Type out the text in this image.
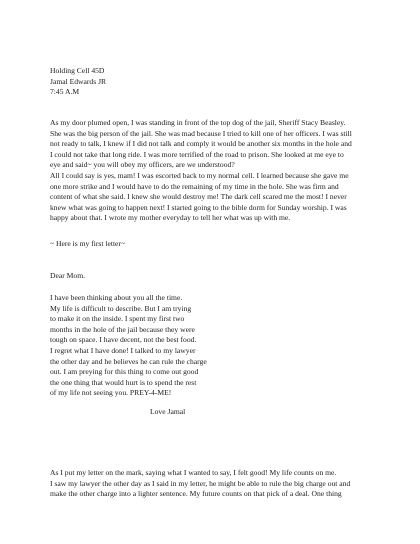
Holding Cell 45D
Jamal Edwards JR
7:45 A.M
As my door plumed open, I was standing in front of the top dog of the jail, Sheriff Stacy Beasley.
She was the big person of the jail. She was mad because I tried to kill one of her officers. I was still
not ready to talk, I knew if I did not talk and comply it would be another six months in the hole and
I could not take that long ride. I was more terrified of the road to prison. She looked at me eye to
eye and said~ you will obey my officers, are we understood?
All I could say is yes, mam! I was escorted back to my normal cell. I learned because she gave me
one more strike and I would have to do the remaining of my time in the hole. She was firm and
content of what she said. I knew she would destroy me! The dark cell scared me the most! I never
knew what was going to happen next! I started going to the bible dorm for Sunday worship. I was
happy about that. I wrote my mother everyday to tell her what was up with me.
~ Here is my first letter~
Dear Mom.
I have been thinking about you all the time.
My life is difficult to describe. But I am trying
to make it on the inside. I spent my first two
months in the hole of the jail because they were
tough on space. I have decent, not the best food.
I regret what I have done! I talked to my lawyer
the other day and he believes he can rule the charge
out. I am preying for this thing to come out good
the one thing that would hurt is to spend the rest
of my life not seeing you. PREY-4-ME!
Love Jamal
As I put my letter on the mark, saying what I wanted to say, I felt good! My life counts on me.
I saw my lawyer the other day as I said in my letter, he might be able to rule the big charge out and
make the other charge into a lighter sentence. My future counts on that pick of a deal. One thing
